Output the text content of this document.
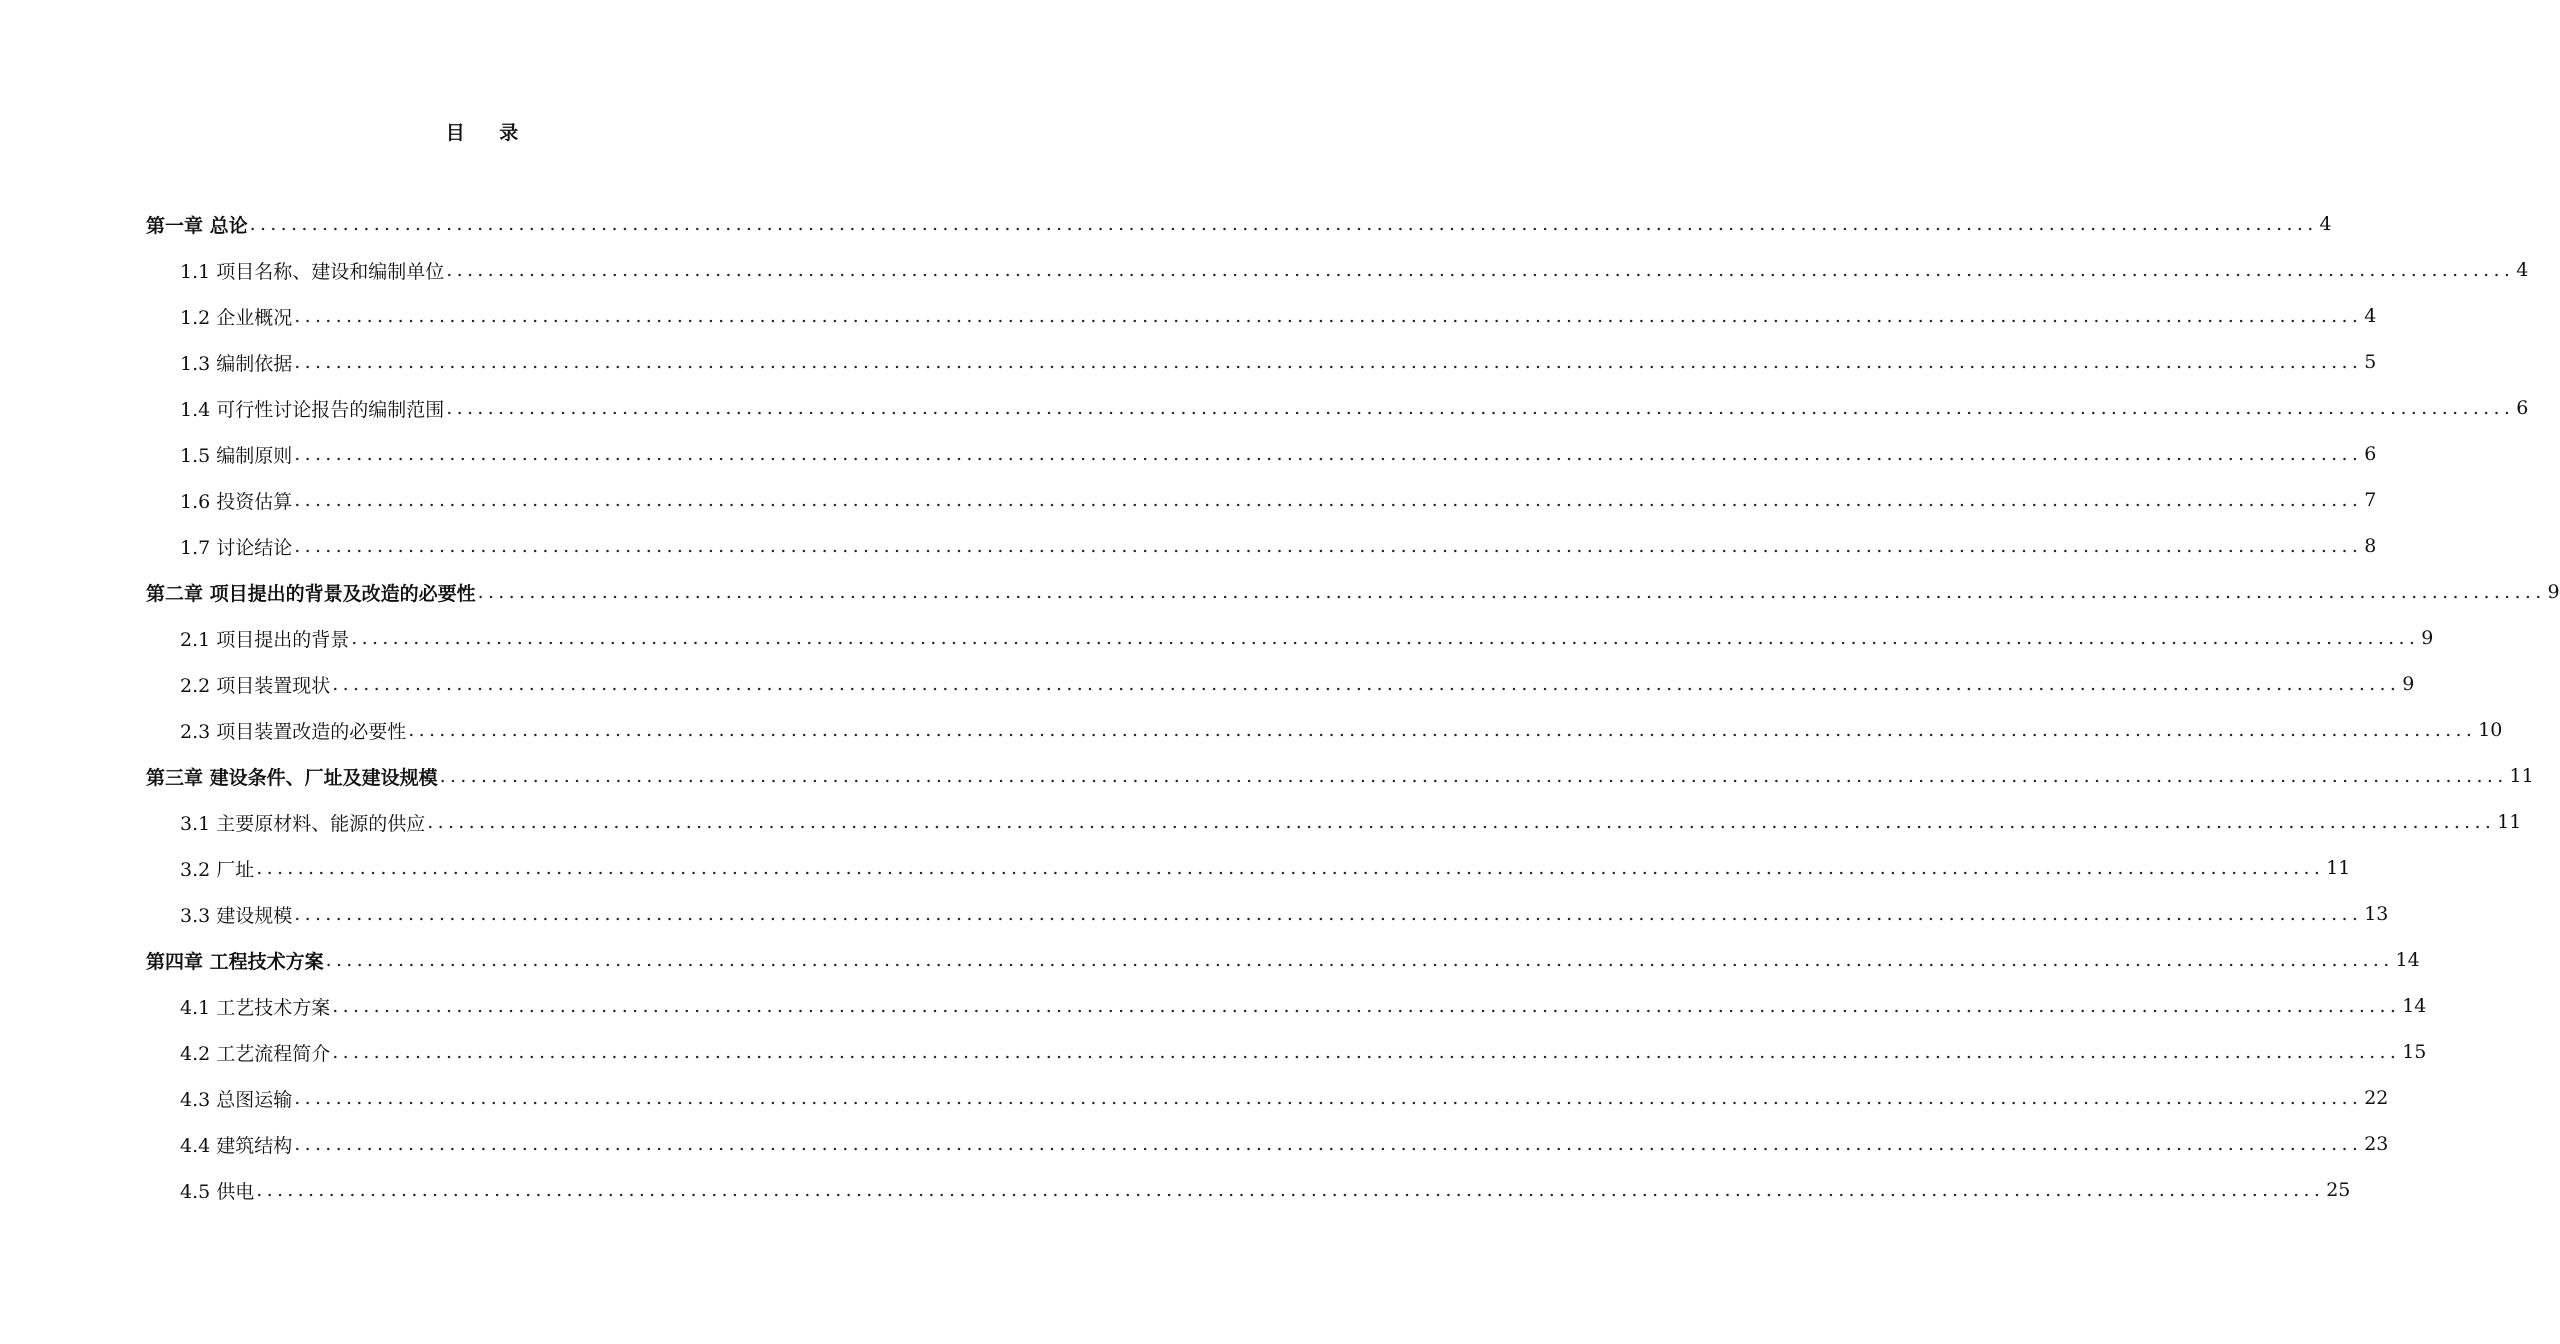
目 录
第一章 总论 ........................................................................................................................................................................................................ 4
1.1 项目名称、建设和编制单位 ........................................................................................................................................................................................................ 4
1.2 企业概况 ........................................................................................................................................................................................................ 4
1.3 编制依据 ........................................................................................................................................................................................................ 5
1.4 可行性讨论报告的编制范围 ........................................................................................................................................................................................................ 6
1.5 编制原则 ........................................................................................................................................................................................................ 6
1.6 投资估算 ........................................................................................................................................................................................................ 7
1.7 讨论结论 ........................................................................................................................................................................................................ 8
第二章 项目提出的背景及改造的必要性 ........................................................................................................................................................................................................ 9
2.1 项目提出的背景 ........................................................................................................................................................................................................ 9
2.2 项目装置现状 ........................................................................................................................................................................................................ 9
2.3 项目装置改造的必要性 ........................................................................................................................................................................................................ 10
第三章 建设条件、厂址及建设规模 ........................................................................................................................................................................................................ 11
3.1 主要原材料、能源的供应 ........................................................................................................................................................................................................ 11
3.2 厂址 ........................................................................................................................................................................................................ 11
3.3 建设规模 ........................................................................................................................................................................................................ 13
第四章 工程技术方案 ........................................................................................................................................................................................................ 14
4.1 工艺技术方案 ........................................................................................................................................................................................................ 14
4.2 工艺流程简介 ........................................................................................................................................................................................................ 15
4.3 总图运输 ........................................................................................................................................................................................................ 22
4.4 建筑结构 ........................................................................................................................................................................................................ 23
4.5 供电 ........................................................................................................................................................................................................ 25
